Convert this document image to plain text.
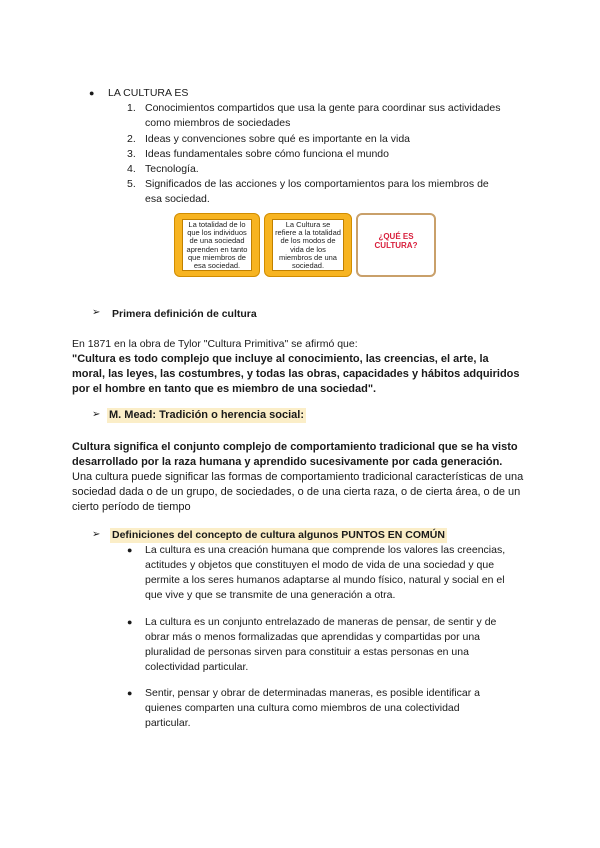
● LA CULTURA ES
1. Conocimientos compartidos que usa la gente para coordinar sus actividades
como miembros de sociedades
2. Ideas y convenciones sobre qué es importante en la vida
3. Ideas fundamentales sobre cómo funciona el mundo
4. Tecnología.
5. Significados de las acciones y los comportamientos para los miembros de
esa sociedad.
La totalidad de lo
que los individuos
de una sociedad
aprenden en tanto
que miembros de
esa sociedad.
La Cultura se
refiere a la totalidad
de los modos de
vida de los
miembros de una
sociedad.
¿QUÉ ES
CULTURA?
➢ Primera definición de cultura
En 1871 en la obra de Tylor "Cultura Primitiva" se afirmó que:
"Cultura es todo complejo que incluye al conocimiento, las creencias, el arte, la
moral, las leyes, las costumbres, y todas las obras, capacidades y hábitos adquiridos
por el hombre en tanto que es miembro de una sociedad".
➢ M. Mead: Tradición o herencia social:
Cultura significa el conjunto complejo de comportamiento tradicional que se ha visto
desarrollado por la raza humana y aprendido sucesivamente por cada generación.
Una cultura puede significar las formas de comportamiento tradicional características de una
sociedad dada o de un grupo, de sociedades, o de una cierta raza, o de cierta área, o de un
cierto período de tiempo
➢ Definiciones del concepto de cultura algunos PUNTOS EN COMÚN
● La cultura es una creación humana que comprende los valores las creencias,
actitudes y objetos que constituyen el modo de vida de una sociedad y que
permite a los seres humanos adaptarse al mundo físico, natural y social en el
que vive y que se transmite de una generación a otra.
● La cultura es un conjunto entrelazado de maneras de pensar, de sentir y de
obrar más o menos formalizadas que aprendidas y compartidas por una
pluralidad de personas sirven para constituir a estas personas en una
colectividad particular.
● Sentir, pensar y obrar de determinadas maneras, es posible identificar a
quienes comparten una cultura como miembros de una colectividad
particular.
